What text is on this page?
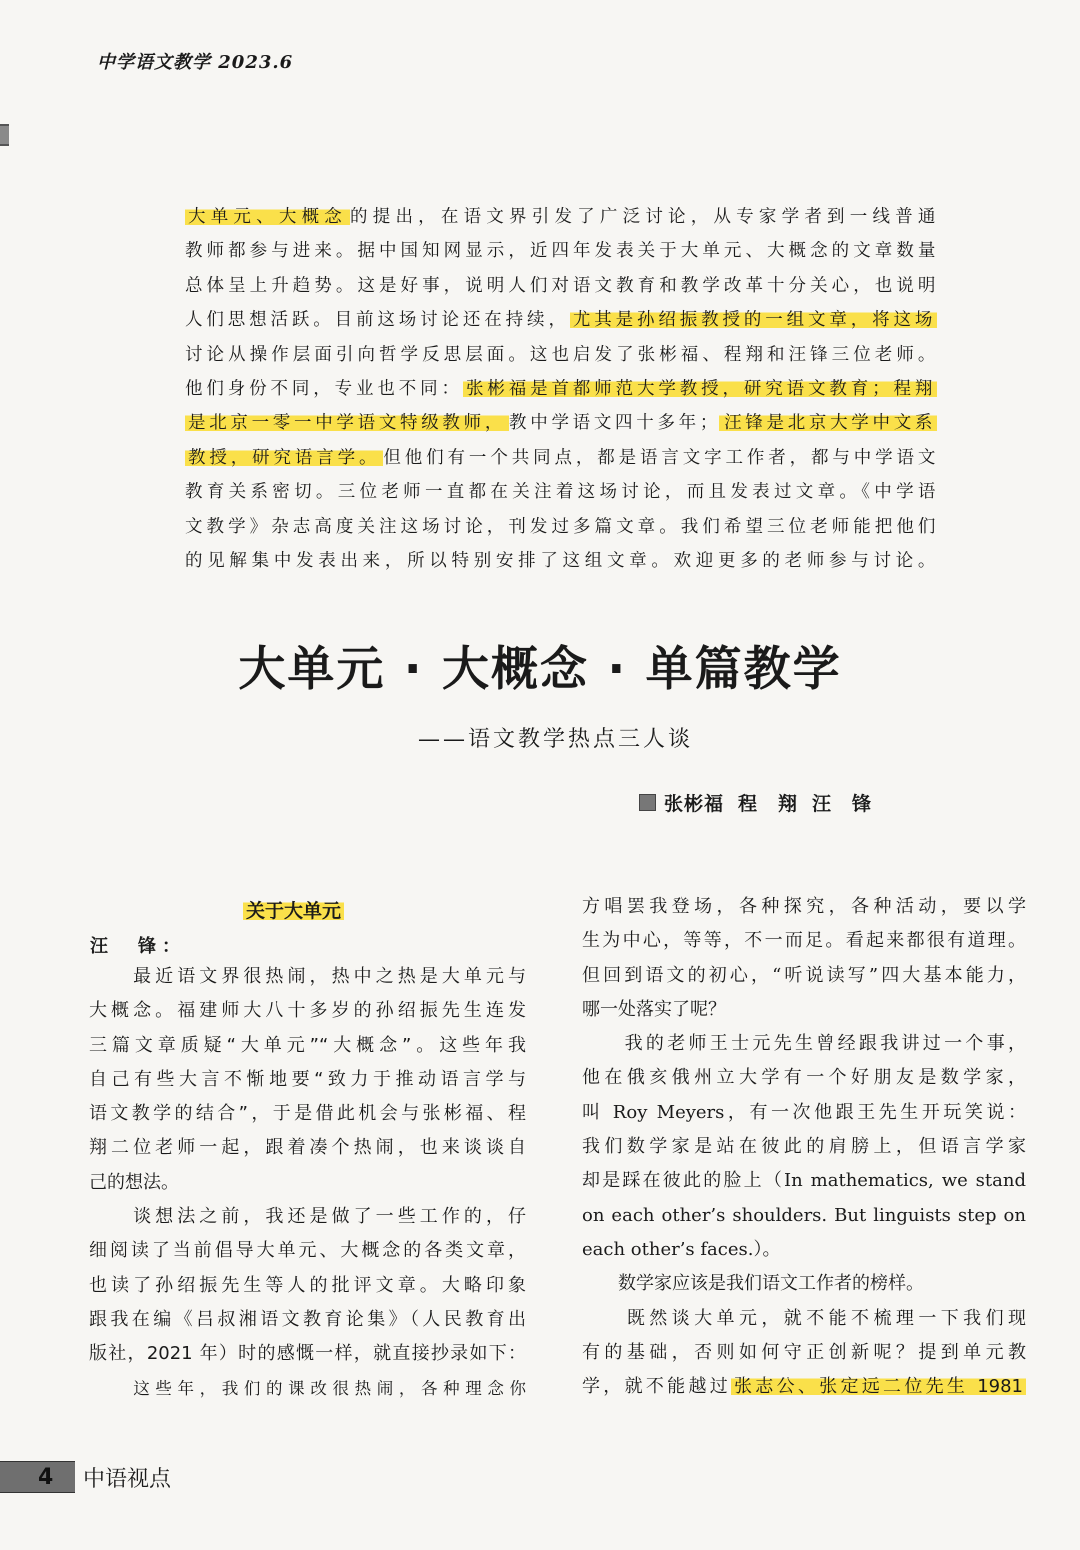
中学语文教学 2023.6
大单元、大概念 的提出，在语文界引发了广泛讨论，从专家学者到一线普通
教师都参与进来。据中国知网显示，近四年发表关于大单元、大概念的文章数量
总体呈上升趋势。这是好事，说明人们对语文教育和教学改革十分关心，也说明
人们思想活跃。目前这场讨论还在持续， 尤其是孙绍振教授的一组文章，将这场
讨论从操作层面引向哲学反思层面。这也启发了张彬福、程翔和汪锋三位老师。
他们身份不同，专业也不同： 张彬福是首都师范大学教授，研究语文教育；程翔
是北京一零一中学语文特级教师， 教中学语文四十多年； 汪锋是北京大学中文系
教授，研究语言学。 但他们有一个共同点，都是语言文字工作者，都与中学语文
教育关系密切。三位老师一直都在关注着这场讨论，而且发表过文章。《中学语
文教学》杂志高度关注这场讨论，刊发过多篇文章。我们希望三位老师能把他们
的见解集中发表出来，所以特别安排了这组文章。欢迎更多的老师参与讨论。
大单元 · 大概念 · 单篇教学
——语文教学热点三人谈
张彬福 程　翔 汪　锋
关于大单元
汪　锋：
　　最近语文界很热闹，热中之热是大单元与
大概念。福建师大八十多岁的孙绍振先生连发
三篇文章质疑“大单元”“大概念”。这些年我
自己有些大言不惭地要“致力于推动语言学与
语文教学的结合”，于是借此机会与张彬福、程
翔二位老师一起，跟着凑个热闹，也来谈谈自
己的想法。
　　谈想法之前，我还是做了一些工作的，仔
细阅读了当前倡导大单元、大概念的各类文章，
也读了孙绍振先生等人的批评文章。大略印象
跟我在编《吕叔湘语文教育论集》（人民教育出
版社，2021 年）时的感慨一样，就直接抄录如下：
　　这些年，我们的课改很热闹，各种理念你
方唱罢我登场，各种探究，各种活动，要以学
生为中心，等等，不一而足。看起来都很有道理。
但回到语文的初心，“听说读写”四大基本能力，
哪一处落实了呢？
　　我的老师王士元先生曾经跟我讲过一个事，
他在俄亥俄州立大学有一个好朋友是数学家，
叫 Roy Meyers，有一次他跟王先生开玩笑说：
我们数学家是站在彼此的肩膀上，但语言学家
却是踩在彼此的脸上（In mathematics, we stand
on each other’s shoulders. But linguists step on
each other’s faces.）。
　　数学家应该是我们语文工作者的榜样。
　　既然谈大单元，就不能不梳理一下我们现
有的基础，否则如何守正创新呢？提到单元教
学，就不能越过 张志公、张定远二位先生 1981
4 中语视点
